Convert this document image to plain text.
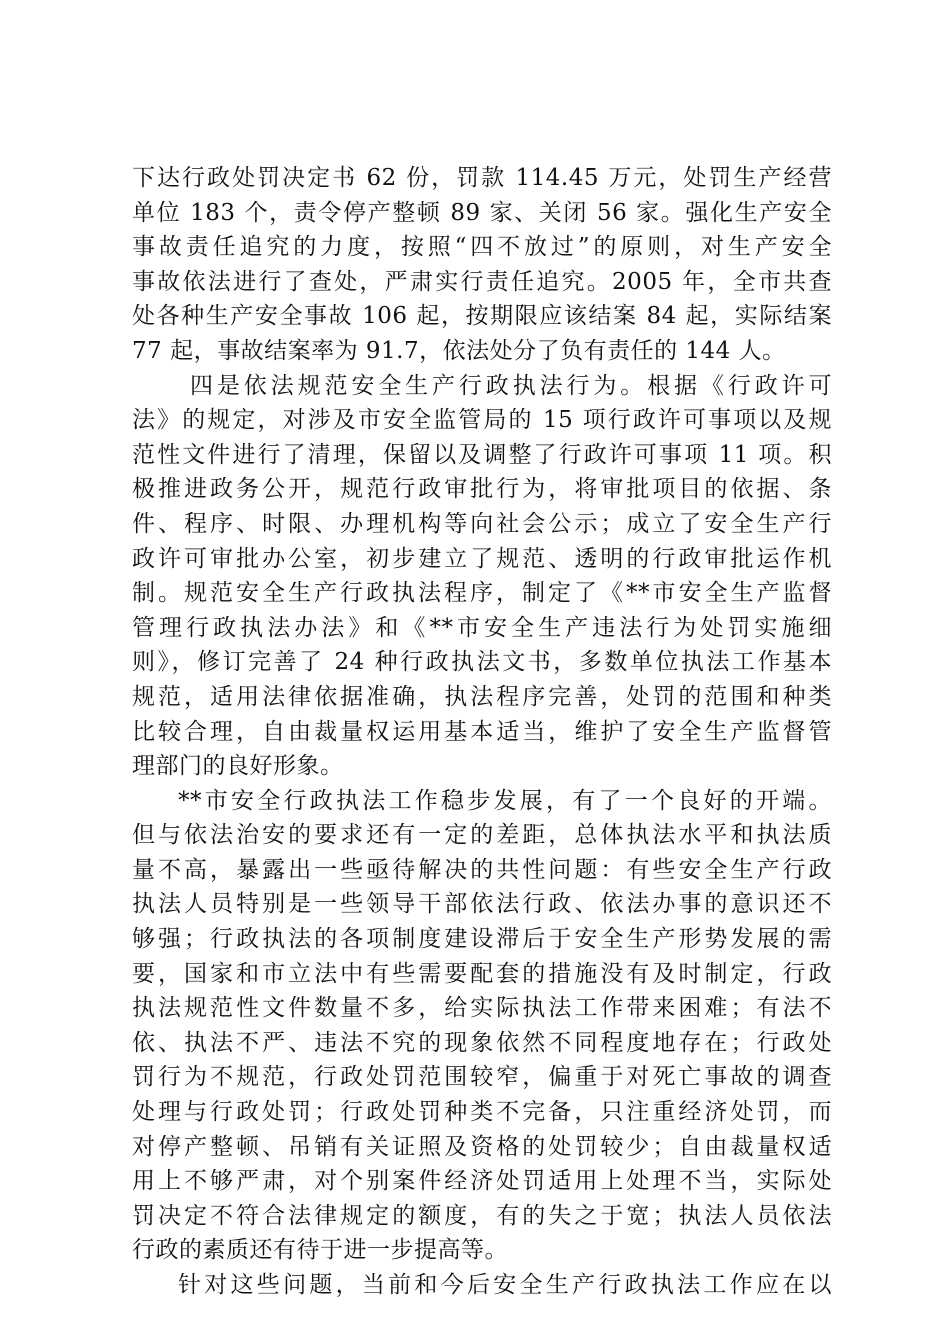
下达行政处罚决定书 62 份，罚款 114.45 万元，处罚生产经营
单位 183 个，责令停产整顿 89 家、关闭 56 家。强化生产安全
事故责任追究的力度，按照“四不放过”的原则，对生产安全
事故依法进行了查处，严肃实行责任追究。2005 年，全市共查
处各种生产安全事故 106 起，按期限应该结案 84 起，实际结案
77 起，事故结案率为 91.7，依法处分了负有责任的 144 人。
四是依法规范安全生产行政执法行为。根据《行政许可
法》的规定，对涉及市安全监管局的 15 项行政许可事项以及规
范性文件进行了清理，保留以及调整了行政许可事项 11 项。积
极推进政务公开，规范行政审批行为，将审批项目的依据、条
件、程序、时限、办理机构等向社会公示；成立了安全生产行
政许可审批办公室，初步建立了规范、透明的行政审批运作机
制。规范安全生产行政执法程序，制定了《**市安全生产监督
管理行政执法办法》和《**市安全生产违法行为处罚实施细
则》，修订完善了 24 种行政执法文书，多数单位执法工作基本
规范，适用法律依据准确，执法程序完善，处罚的范围和种类
比较合理，自由裁量权运用基本适当，维护了安全生产监督管
理部门的良好形象。
**市安全行政执法工作稳步发展，有了一个良好的开端。
但与依法治安的要求还有一定的差距，总体执法水平和执法质
量不高，暴露出一些亟待解决的共性问题：有些安全生产行政
执法人员特别是一些领导干部依法行政、依法办事的意识还不
够强；行政执法的各项制度建设滞后于安全生产形势发展的需
要，国家和市立法中有些需要配套的措施没有及时制定，行政
执法规范性文件数量不多，给实际执法工作带来困难；有法不
依、执法不严、违法不究的现象依然不同程度地存在；行政处
罚行为不规范，行政处罚范围较窄，偏重于对死亡事故的调查
处理与行政处罚；行政处罚种类不完备，只注重经济处罚，而
对停产整顿、吊销有关证照及资格的处罚较少；自由裁量权适
用上不够严肃，对个别案件经济处罚适用上处理不当，实际处
罚决定不符合法律规定的额度，有的失之于宽；执法人员依法
行政的素质还有待于进一步提高等。
针对这些问题，当前和今后安全生产行政执法工作应在以
